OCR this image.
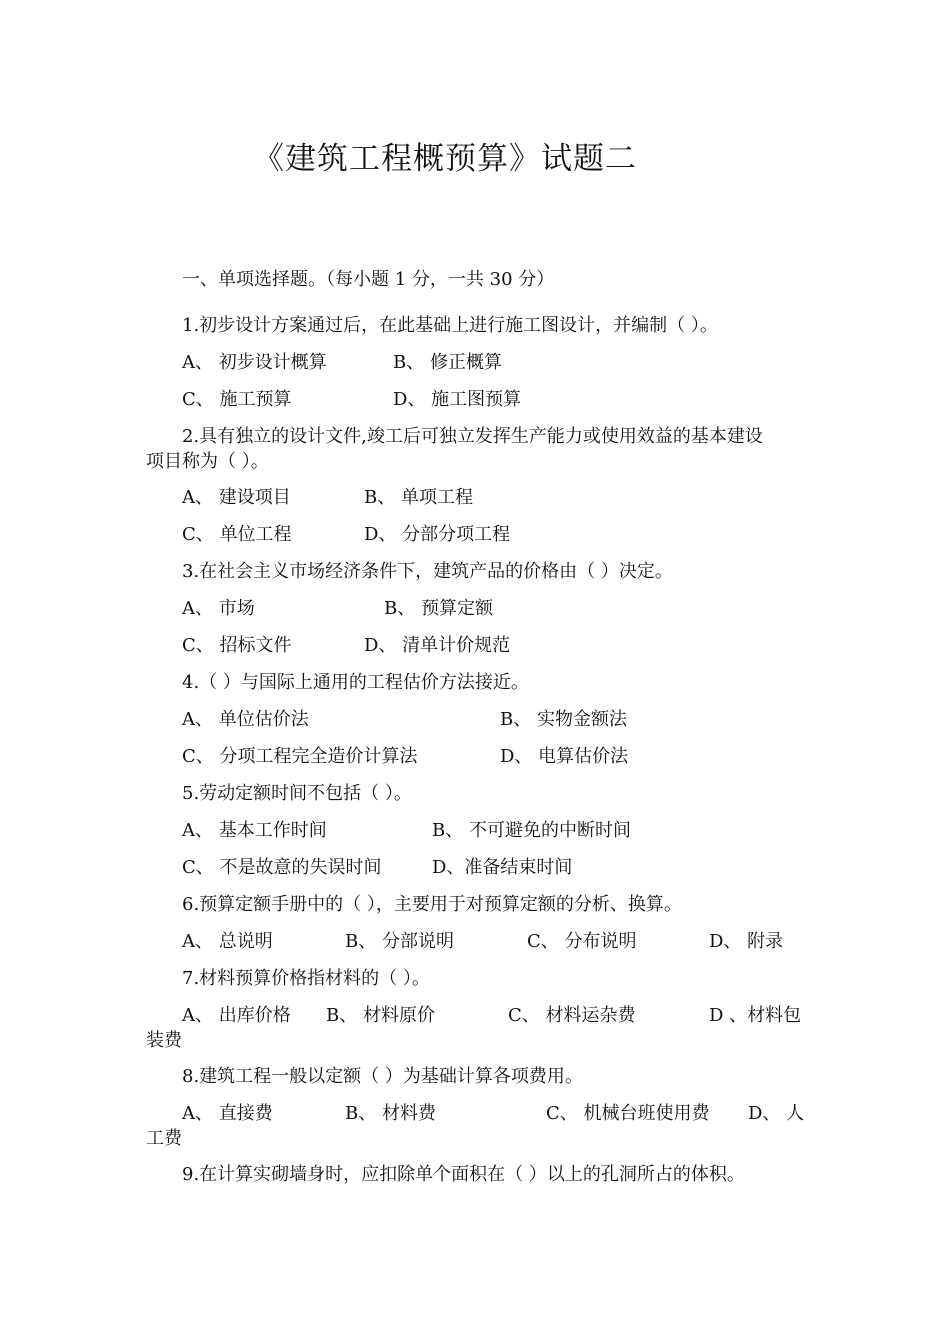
《建筑工程概预算》试题二
一、单项选择题。（每小题 1 分，一共 30 分）
1.初步设计方案通过后，在此基础上进行施工图设计，并编制（ ）。
A、 初步设计概算	B、 修正概算
C、 施工预算	D、 施工图预算
2.具有独立的设计文件,竣工后可独立发挥生产能力或使用效益的基本建设
项目称为（ ）。
A、 建设项目	B、 单项工程
C、 单位工程	D、 分部分项工程
3.在社会主义市场经济条件下，建筑产品的价格由（ ）决定。
A、 市场	B、 预算定额
C、 招标文件	D、 清单计价规范
4.（ ）与国际上通用的工程估价方法接近。
A、 单位估价法	B、 实物金额法
C、 分项工程完全造价计算法	D、 电算估价法
5.劳动定额时间不包括（ ）。
A、 基本工作时间	B、 不可避免的中断时间
C、 不是故意的失误时间	D、准备结束时间
6.预算定额手册中的（ ），主要用于对预算定额的分析、换算。
A、 总说明	B、 分部说明	C、 分布说明	D、 附录
7.材料预算价格指材料的（ ）。
A、 出库价格 B、 材料原价	C、 材料运杂费	D 、材料包
装费
8.建筑工程一般以定额（ ）为基础计算各项费用。
A、 直接费	B、 材料费	C、 机械台班使用费 D、 人
工费
9.在计算实砌墙身时，应扣除单个面积在（ ）以上的孔洞所占的体积。
